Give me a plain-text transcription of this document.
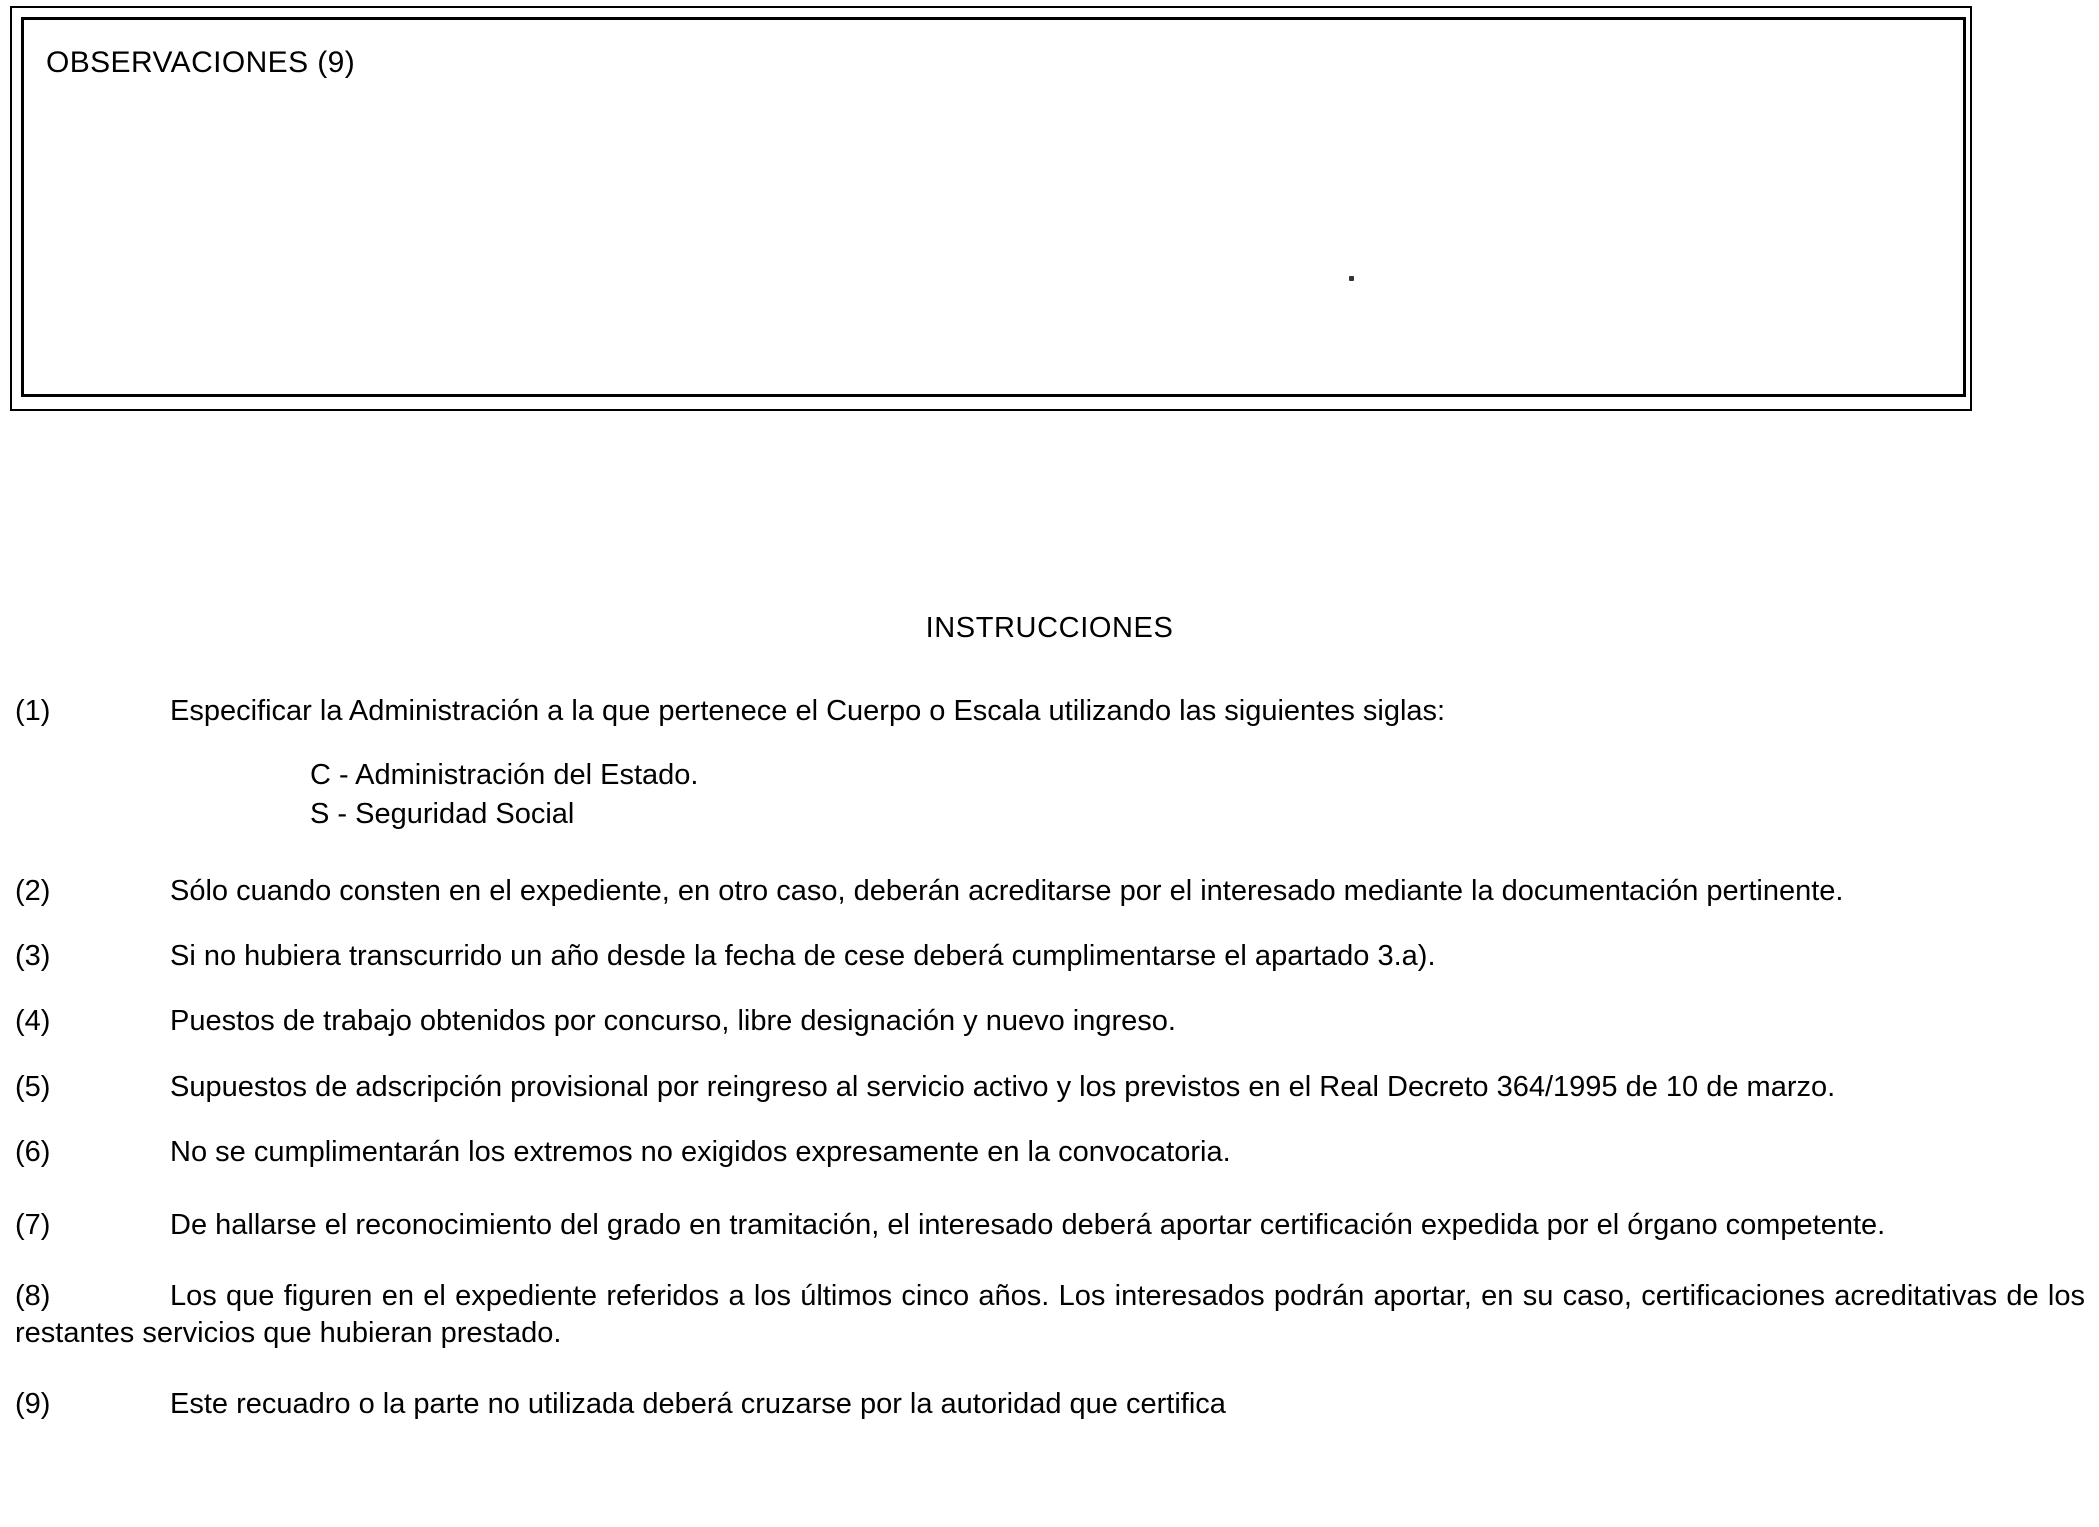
OBSERVACIONES (9)
INSTRUCCIONES
(1)	Especificar la Administración a la que pertenece el Cuerpo o Escala utilizando las siguientes siglas:
C - Administración del Estado.
S - Seguridad Social
(2)	Sólo cuando consten en el expediente, en otro caso, deberán acreditarse por el interesado mediante la documentación pertinente.
(3)	Si no hubiera transcurrido un año desde la fecha de cese deberá cumplimentarse el apartado 3.a).
(4)	Puestos de trabajo obtenidos por concurso, libre designación y nuevo ingreso.
(5)	Supuestos de adscripción provisional por reingreso al servicio activo y los previstos en el Real Decreto 364/1995 de 10 de marzo.
(6)	No se cumplimentarán los extremos no exigidos expresamente en la convocatoria.
(7)	De hallarse el reconocimiento del grado en tramitación, el interesado deberá aportar certificación expedida por el órgano competente.
(8)	Los que figuren en el expediente referidos a los últimos cinco años. Los interesados podrán aportar, en su caso, certificaciones acreditativas de los restantes servicios que hubieran prestado.
(9)	Este recuadro o la parte no utilizada deberá cruzarse por la autoridad que certifica
